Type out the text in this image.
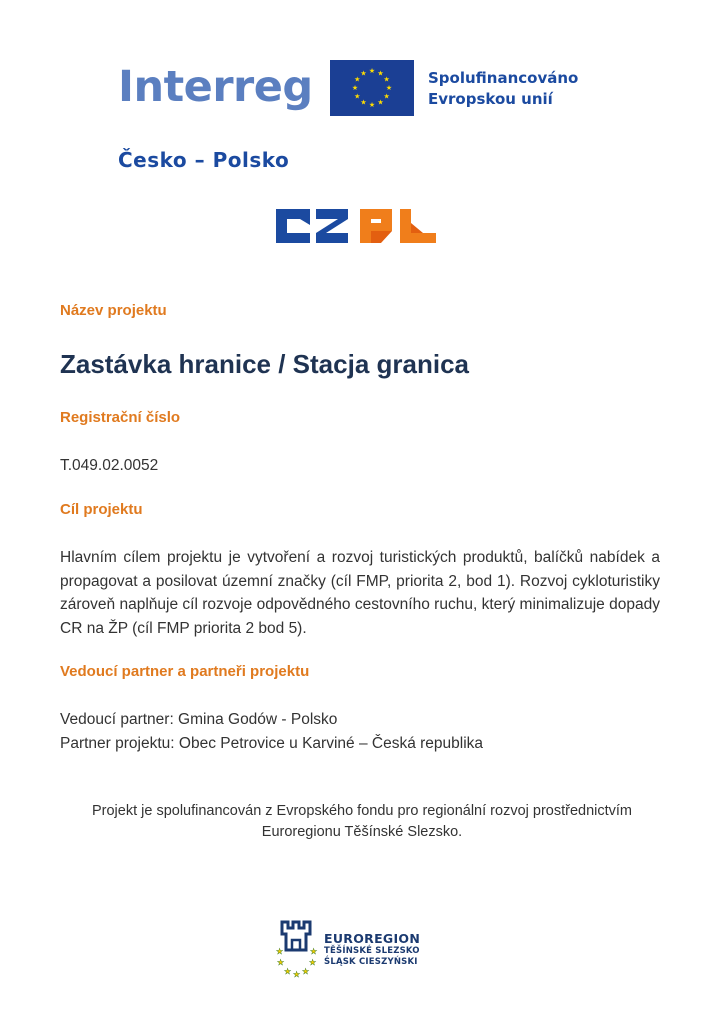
Interreg	★ ★
★
★
★
★
★
★
★
★
★
★	Spolufinancováno
Evropskou unií
Česko – Polsko
Název projektu
Zastávka hranice / Stacja granica
Registrační číslo
T.049.02.0052
Cíl projektu
Hlavním cílem projektu je vytvoření a rozvoj turistických produktů, balíčků nabídek a propagovat a posilovat územní značky (cíl FMP, priorita 2, bod 1). Rozvoj cykloturistiky zároveň naplňuje cíl rozvoje odpovědného cestovního ruchu, který minimalizuje dopady CR na ŽP (cíl FMP priorita 2 bod 5).
Vedoucí partner a partneři projektu
Vedoucí partner: Gmina Godów - Polsko
Partner projektu: Obec Petrovice u Karviné – Česká republika
Projekt je spolufinancován z Evropského fondu pro regionální rozvoj prostřednictvím
Euroregionu Těšínské Slezsko.
★	★
★	★
★ ★ ★
EUROREGION
TĚŠÍNSKÉ SLEZSKO
ŚLĄSK CIESZYŃSKI
